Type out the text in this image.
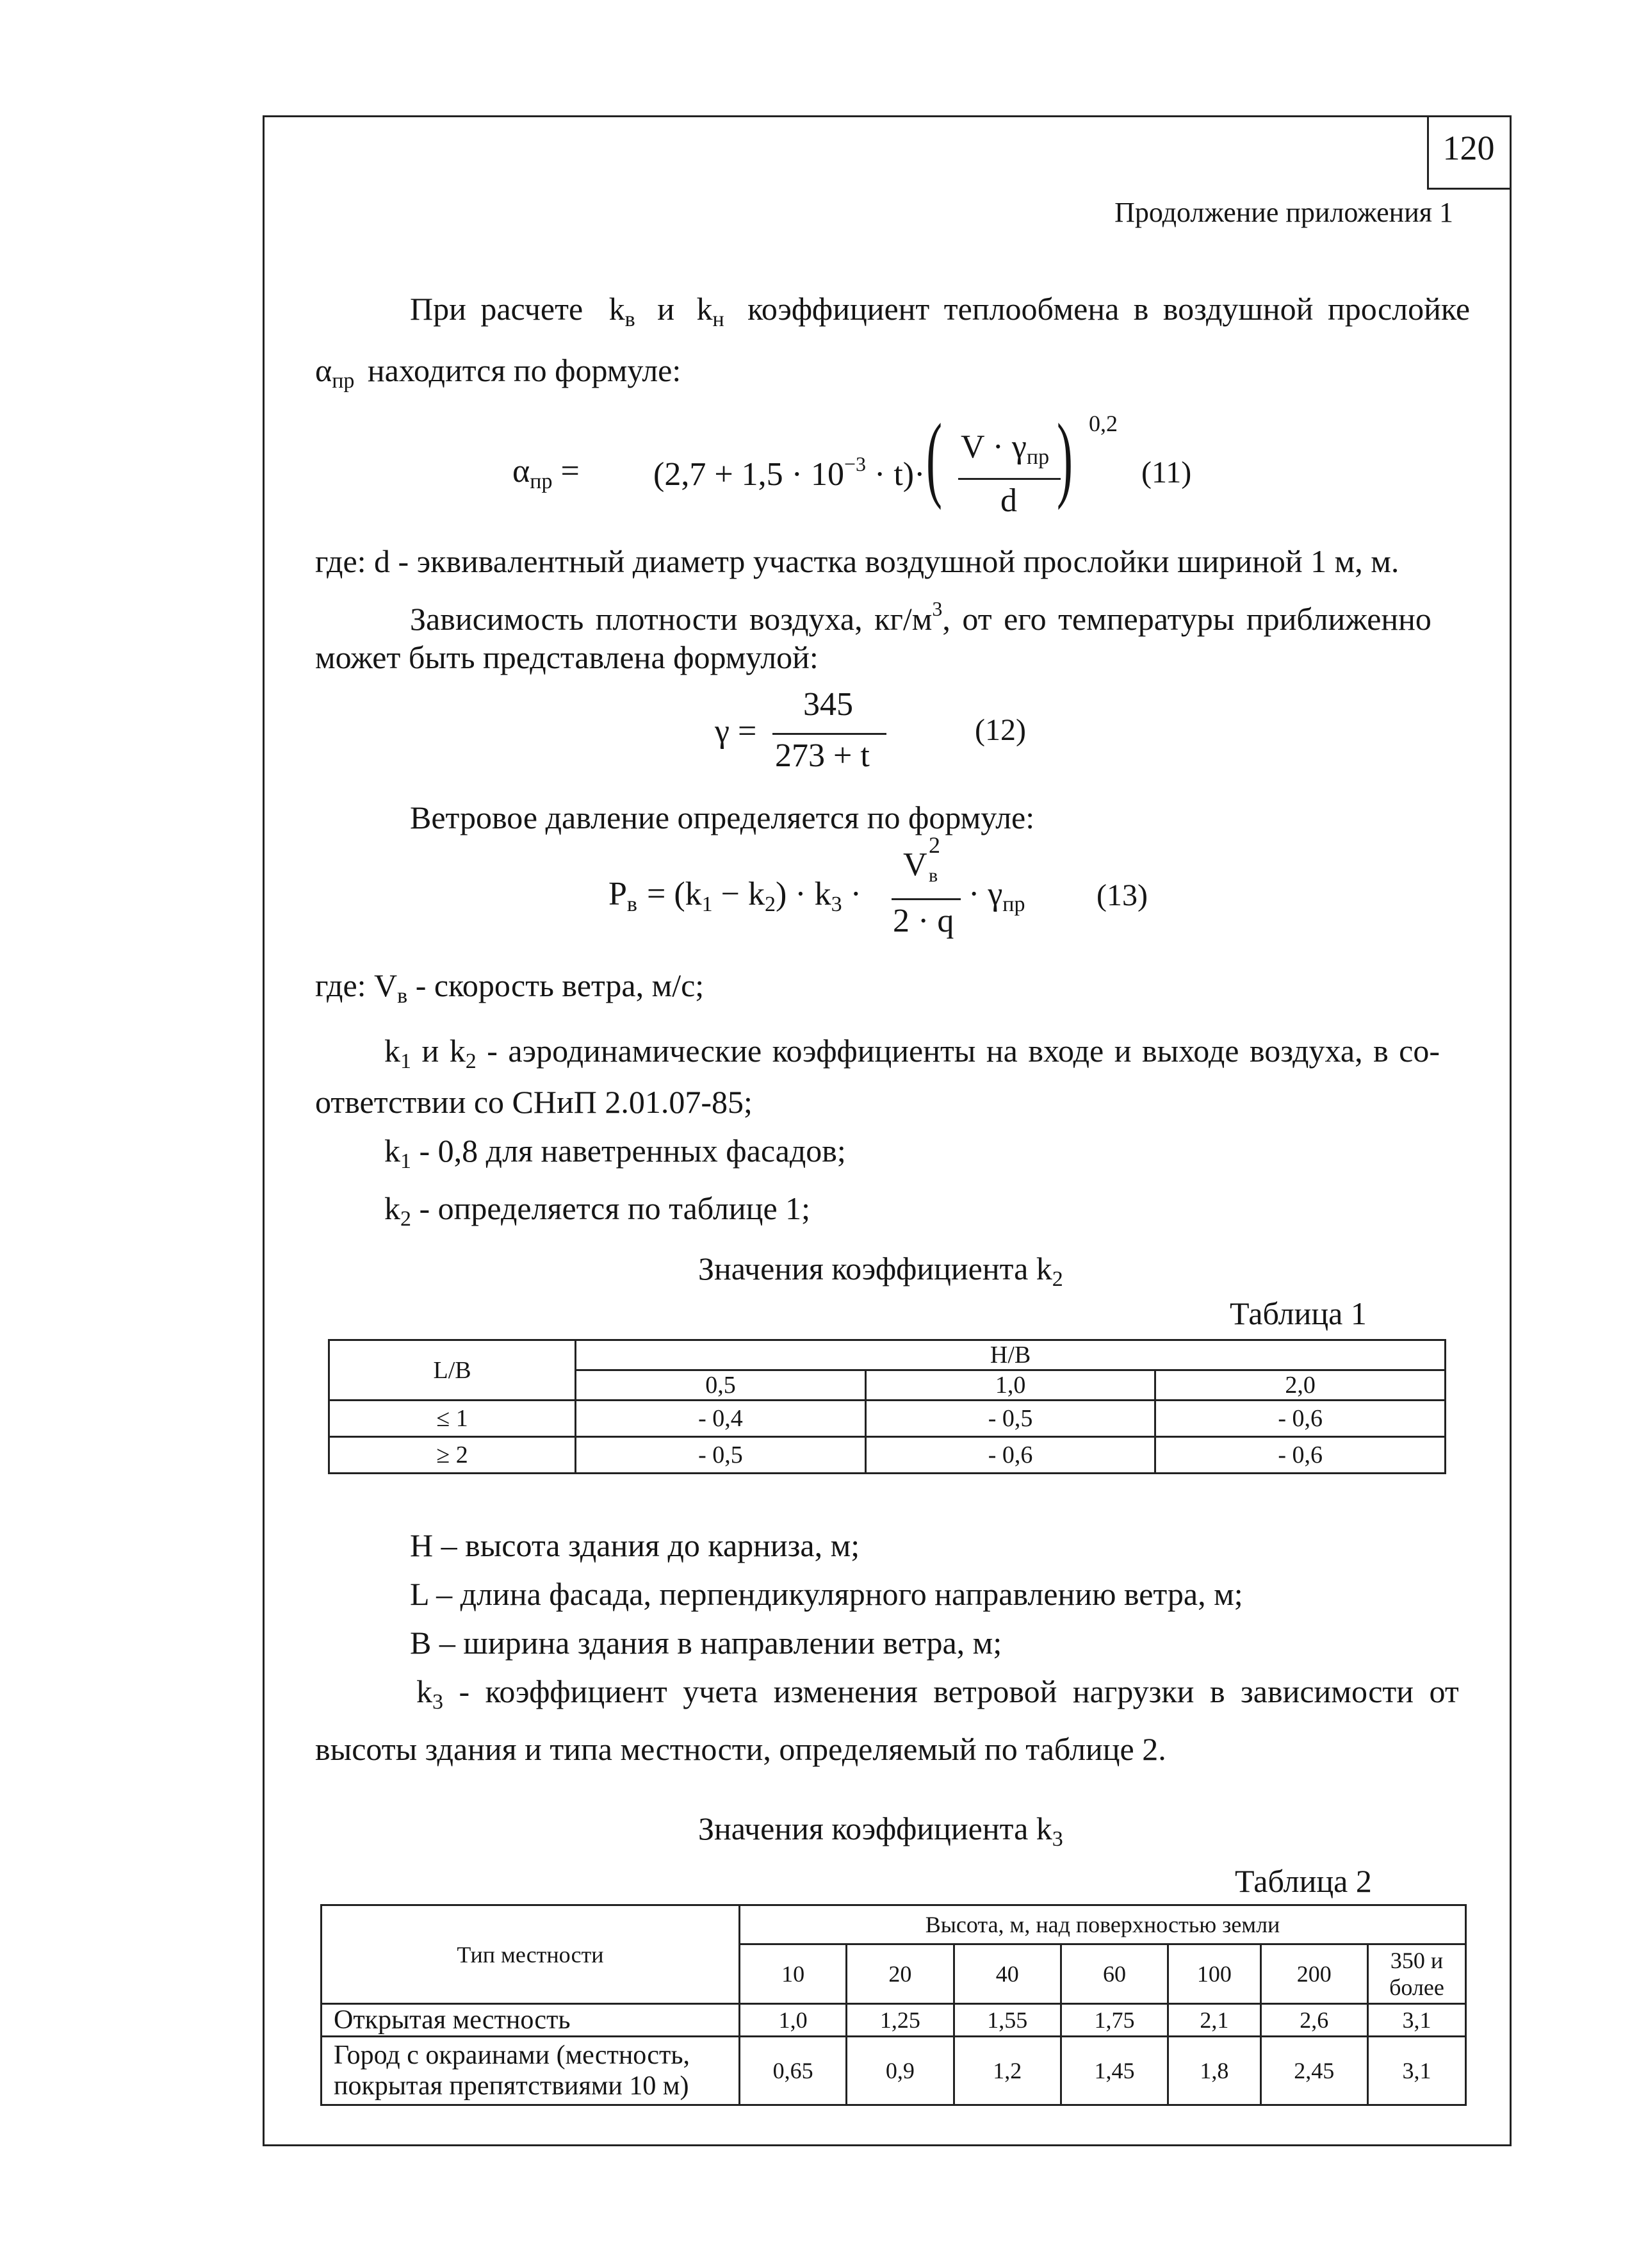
120
Продолжение приложения 1
При расчете $k_в$ и $k_н$ коэффициент теплообмена в воздушной прослойке
$\alpha_{пр}$ находится по формуле:
$\alpha_{пр} = (2,7 + 1,5 \cdot 10^{-3} \cdot t)\cdot$ ( $V \cdot \gamma_{пр}$
d ) 0,2
(11)
где: d - эквивалентный диаметр участка воздушной прослойки шириной 1 м, м.
Зависимость плотности воздуха, $кг/м^3$, от его температуры приближенно
может быть представлена формулой:
γ =
345
273 + t
(12)
Ветровое давление определяется по формуле:
$P_в = (k_1 - k_2) \cdot k_3$ ·
V
2
в
2 · q
· $\gamma_{пр}$ (13)
где: $V_в$ - скорость ветра, м/с;
$k_1$ и $k_2$ - аэродинамические коэффициенты на входе и выходе воздуха, в со-
ответствии со СНиП 2.01.07-85;
$k_1 - 0,8$ для наветренных фасадов;
$k_2$ - определяется по таблице 1;
Значения коэффициента $k_2$
Таблица 1
L/B	H/B		
	0,5	1,0	2,0
≤ 1	- 0,4	- 0,5	- 0,6
≥ 2	- 0,5	- 0,6	- 0,6
Н – высота здания до карниза, м;
L – длина фасада, перпендикулярного направлению ветра, м;
В – ширина здания в направлении ветра, м;
$k_3$ - коэффициент учета изменения ветровой нагрузки в зависимости от
высоты здания и типа местности, определяемый по таблице 2.
Значения коэффициента $k_3$
Таблица 2
Тип местности	Высота, м, над поверхностью земли						
	10	20	40	60	100	200	350 и более
Открытая местность	1,0	1,25	1,55	1,75	2,1	2,6	3,1
Город с окраинами (местность, покрытая препятствиями 10 м)	0,65	0,9	1,2	1,45	1,8	2,45	3,1
